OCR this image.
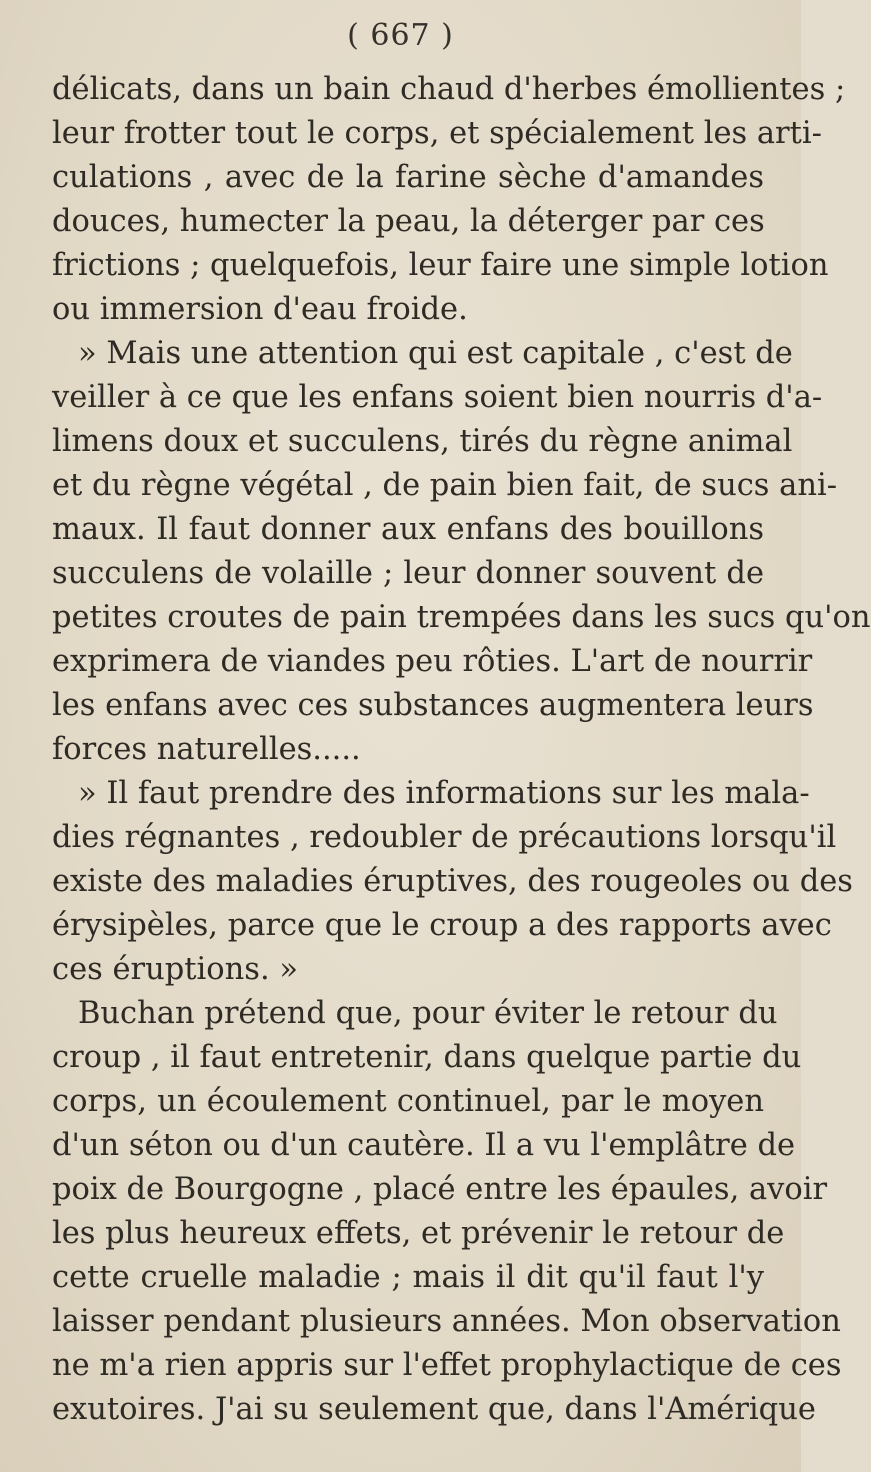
( 667 )
délicats, dans un bain chaud d'herbes émollientes ;
leur frotter tout le corps, et spécialement les arti-
culations , avec de la farine sèche d'amandes
douces, humecter la peau, la déterger par ces
frictions ; quelquefois, leur faire une simple lotion
ou immersion d'eau froide.
» Mais une attention qui est capitale , c'est de
veiller à ce que les enfans soient bien nourris d'a-
limens doux et succulens, tirés du règne animal
et du règne végétal , de pain bien fait, de sucs ani-
maux. Il faut donner aux enfans des bouillons
succulens de volaille ; leur donner souvent de
petites croutes de pain trempées dans les sucs qu'on
exprimera de viandes peu rôties. L'art de nourrir
les enfans avec ces substances augmentera leurs
forces naturelles.....
» Il faut prendre des informations sur les mala-
dies régnantes , redoubler de précautions lorsqu'il
existe des maladies éruptives, des rougeoles ou des
érysipèles, parce que le croup a des rapports avec
ces éruptions. »
Buchan prétend que, pour éviter le retour du
croup , il faut entretenir, dans quelque partie du
corps, un écoulement continuel, par le moyen
d'un séton ou d'un cautère. Il a vu l'emplâtre de
poix de Bourgogne , placé entre les épaules, avoir
les plus heureux effets, et prévenir le retour de
cette cruelle maladie ; mais il dit qu'il faut l'y
laisser pendant plusieurs années. Mon observation
ne m'a rien appris sur l'effet prophylactique de ces
exutoires. J'ai su seulement que, dans l'Amérique
